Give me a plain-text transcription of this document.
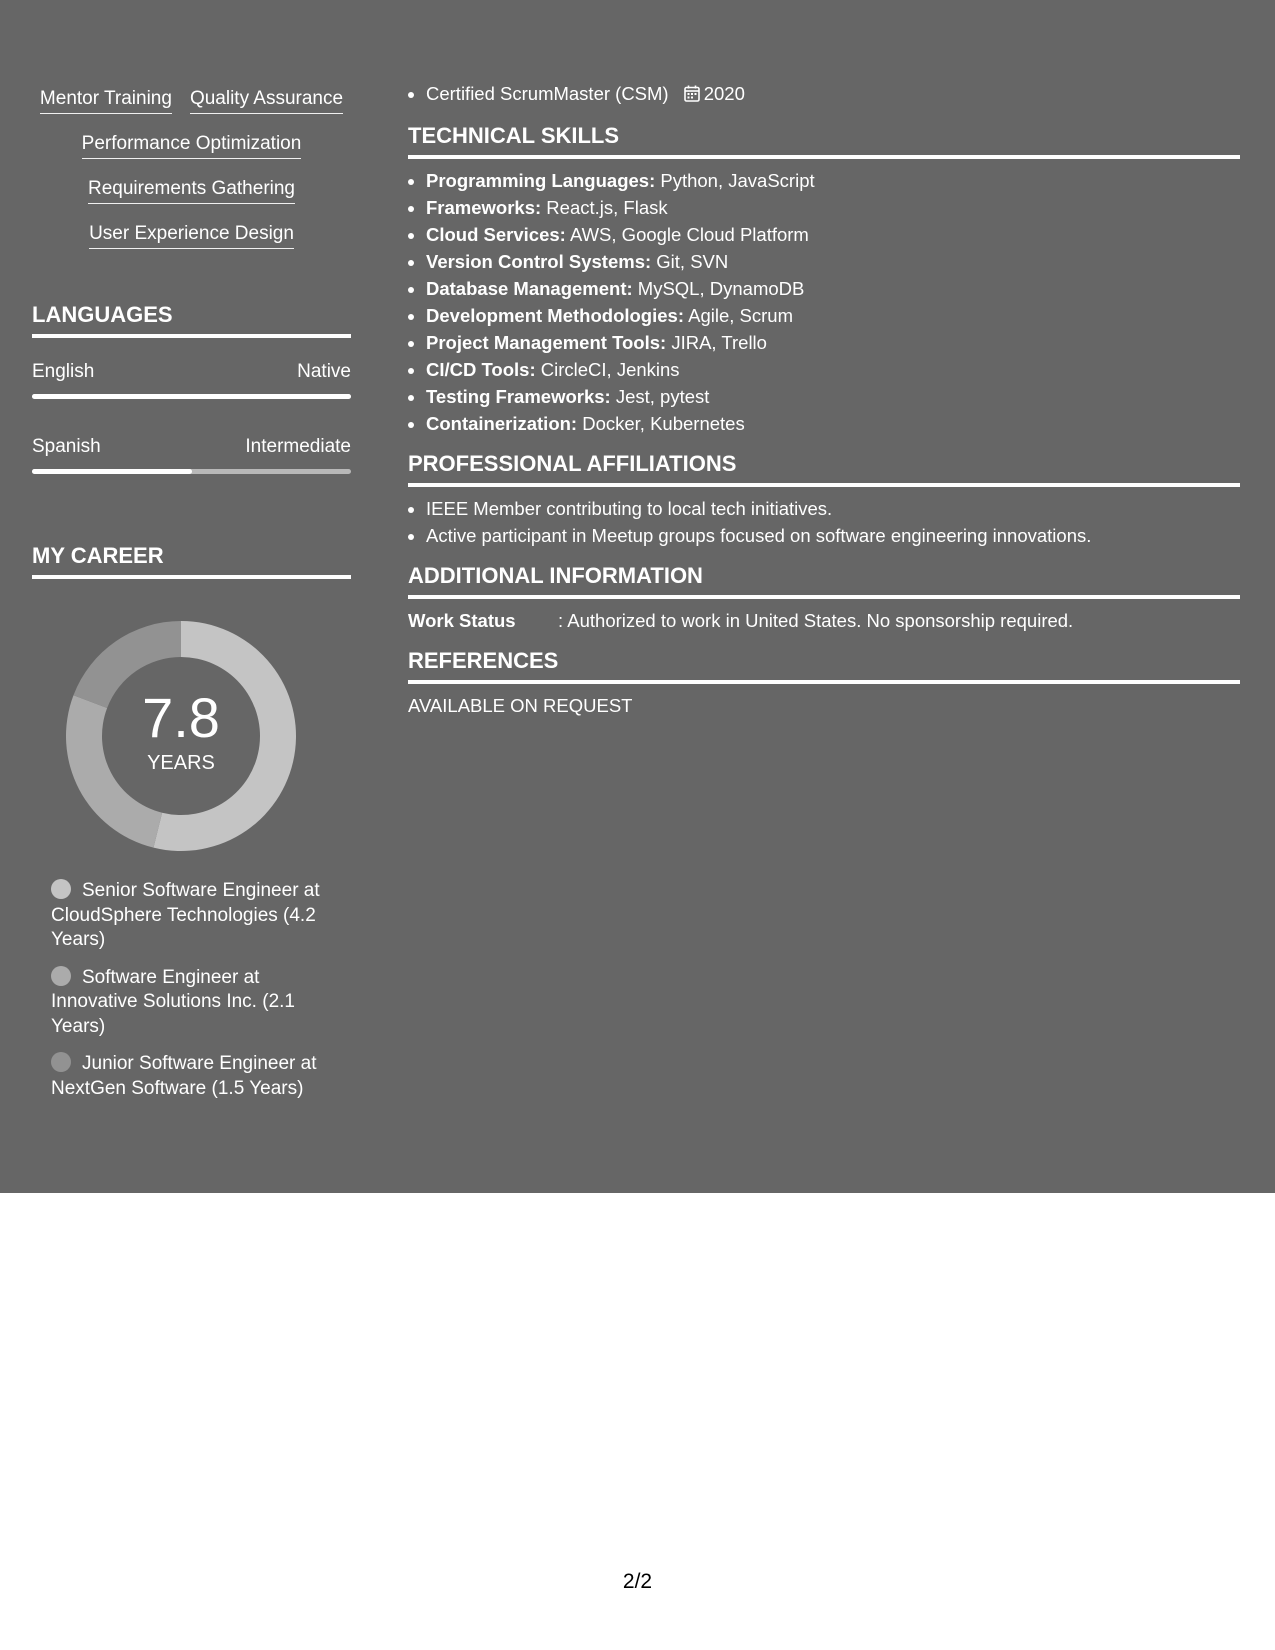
Mentor Training Quality Assurance
Performance Optimization
Requirements Gathering
User Experience Design
LANGUAGES
English	Native
Spanish	Intermediate
MY CAREER
7.8
YEARS
Senior Software Engineer at CloudSphere Technologies (4.2 Years)
Software Engineer at Innovative Solutions Inc. (2.1 Years)
Junior Software Engineer at NextGen Software (1.5 Years)
• Certified ScrumMaster (CSM) 2020
TECHNICAL SKILLS
• Programming Languages: Python, JavaScript
• Frameworks: React.js, Flask
• Cloud Services: AWS, Google Cloud Platform
• Version Control Systems: Git, SVN
• Database Management: MySQL, DynamoDB
• Development Methodologies: Agile, Scrum
• Project Management Tools: JIRA, Trello
• CI/CD Tools: CircleCI, Jenkins
• Testing Frameworks: Jest, pytest
• Containerization: Docker, Kubernetes
PROFESSIONAL AFFILIATIONS
• IEEE Member contributing to local tech initiatives.
• Active participant in Meetup groups focused on software engineering innovations.
ADDITIONAL INFORMATION
Work Status	: Authorized to work in United States. No sponsorship required.
REFERENCES
AVAILABLE ON REQUEST
2/2
